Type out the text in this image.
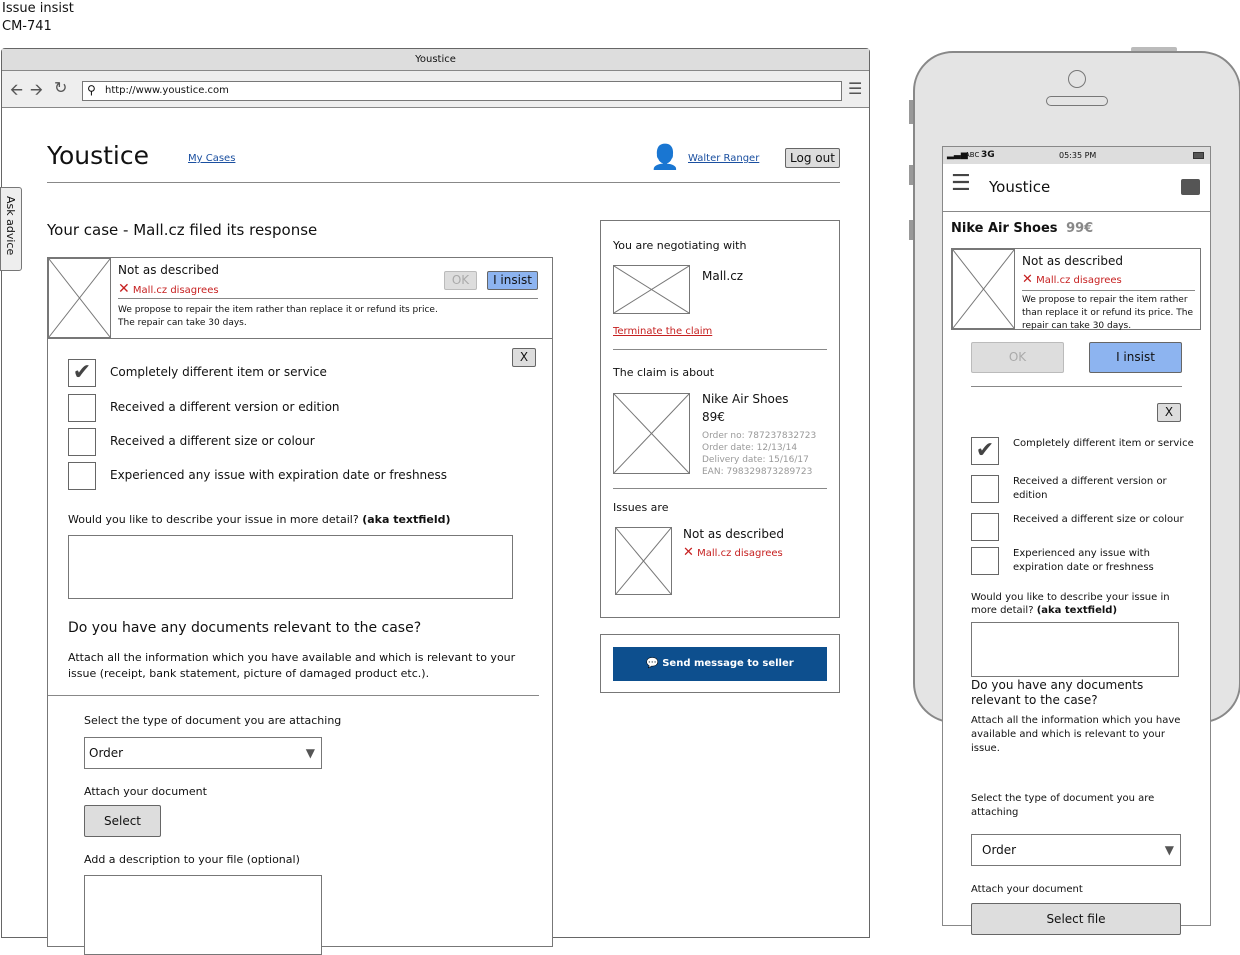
Issue insist
CM-741
Youstice
🡨 🡪 ↻ ⚲ http://www.youstice.com	☰
Ask advice
Youstice	My Cases	👤 Walter Ranger	Log out
Your case - Mall.cz filed its response
Not as described
✕ Mall.cz disagrees
OK	I insist
We propose to repair the item rather than replace it or refund its price.
The repair can take 30 days.
X
✔	Completely different item or service
Received a different version or edition
Received a different size or colour
Experienced any issue with expiration date or freshness
Would you like to describe your issue in more detail? (aka textfield)
Do you have any documents relevant to the case?
Attach all the information which you have available and which is relevant to your issue (receipt, bank statement, picture of damaged product etc.).
Select the type of document you are attaching
Order	▼
Attach your document
Select
Add a description to your file (optional)
You are negotiating with
Mall.cz
Terminate the claim
The claim is about
Nike Air Shoes
89€
Order no: 787237832723
Order date: 12/13/14
Delivery date: 15/16/17
EAN: 798329873289723
Issues are
Not as described
✕ Mall.cz disagrees
💬 Send message to seller
▂▃▅
ABC 3G	05:35 PM
☰ Youstice
Nike Air Shoes 99€
Not as described
✕ Mall.cz disagrees
We propose to repair the item rather than replace it or refund its price. The repair can take 30 days.
OK	I insist
X
✔	Completely different item or service
Received a different version or edition
Received a different size or colour
Experienced any issue with expiration date or freshness
Would you like to describe your issue in more detail? (aka textfield)
Do you have any documents relevant to the case?
Attach all the information which you have available and which is relevant to your issue.
Select the type of document you are attaching
Order	▼
Attach your document
Select file
